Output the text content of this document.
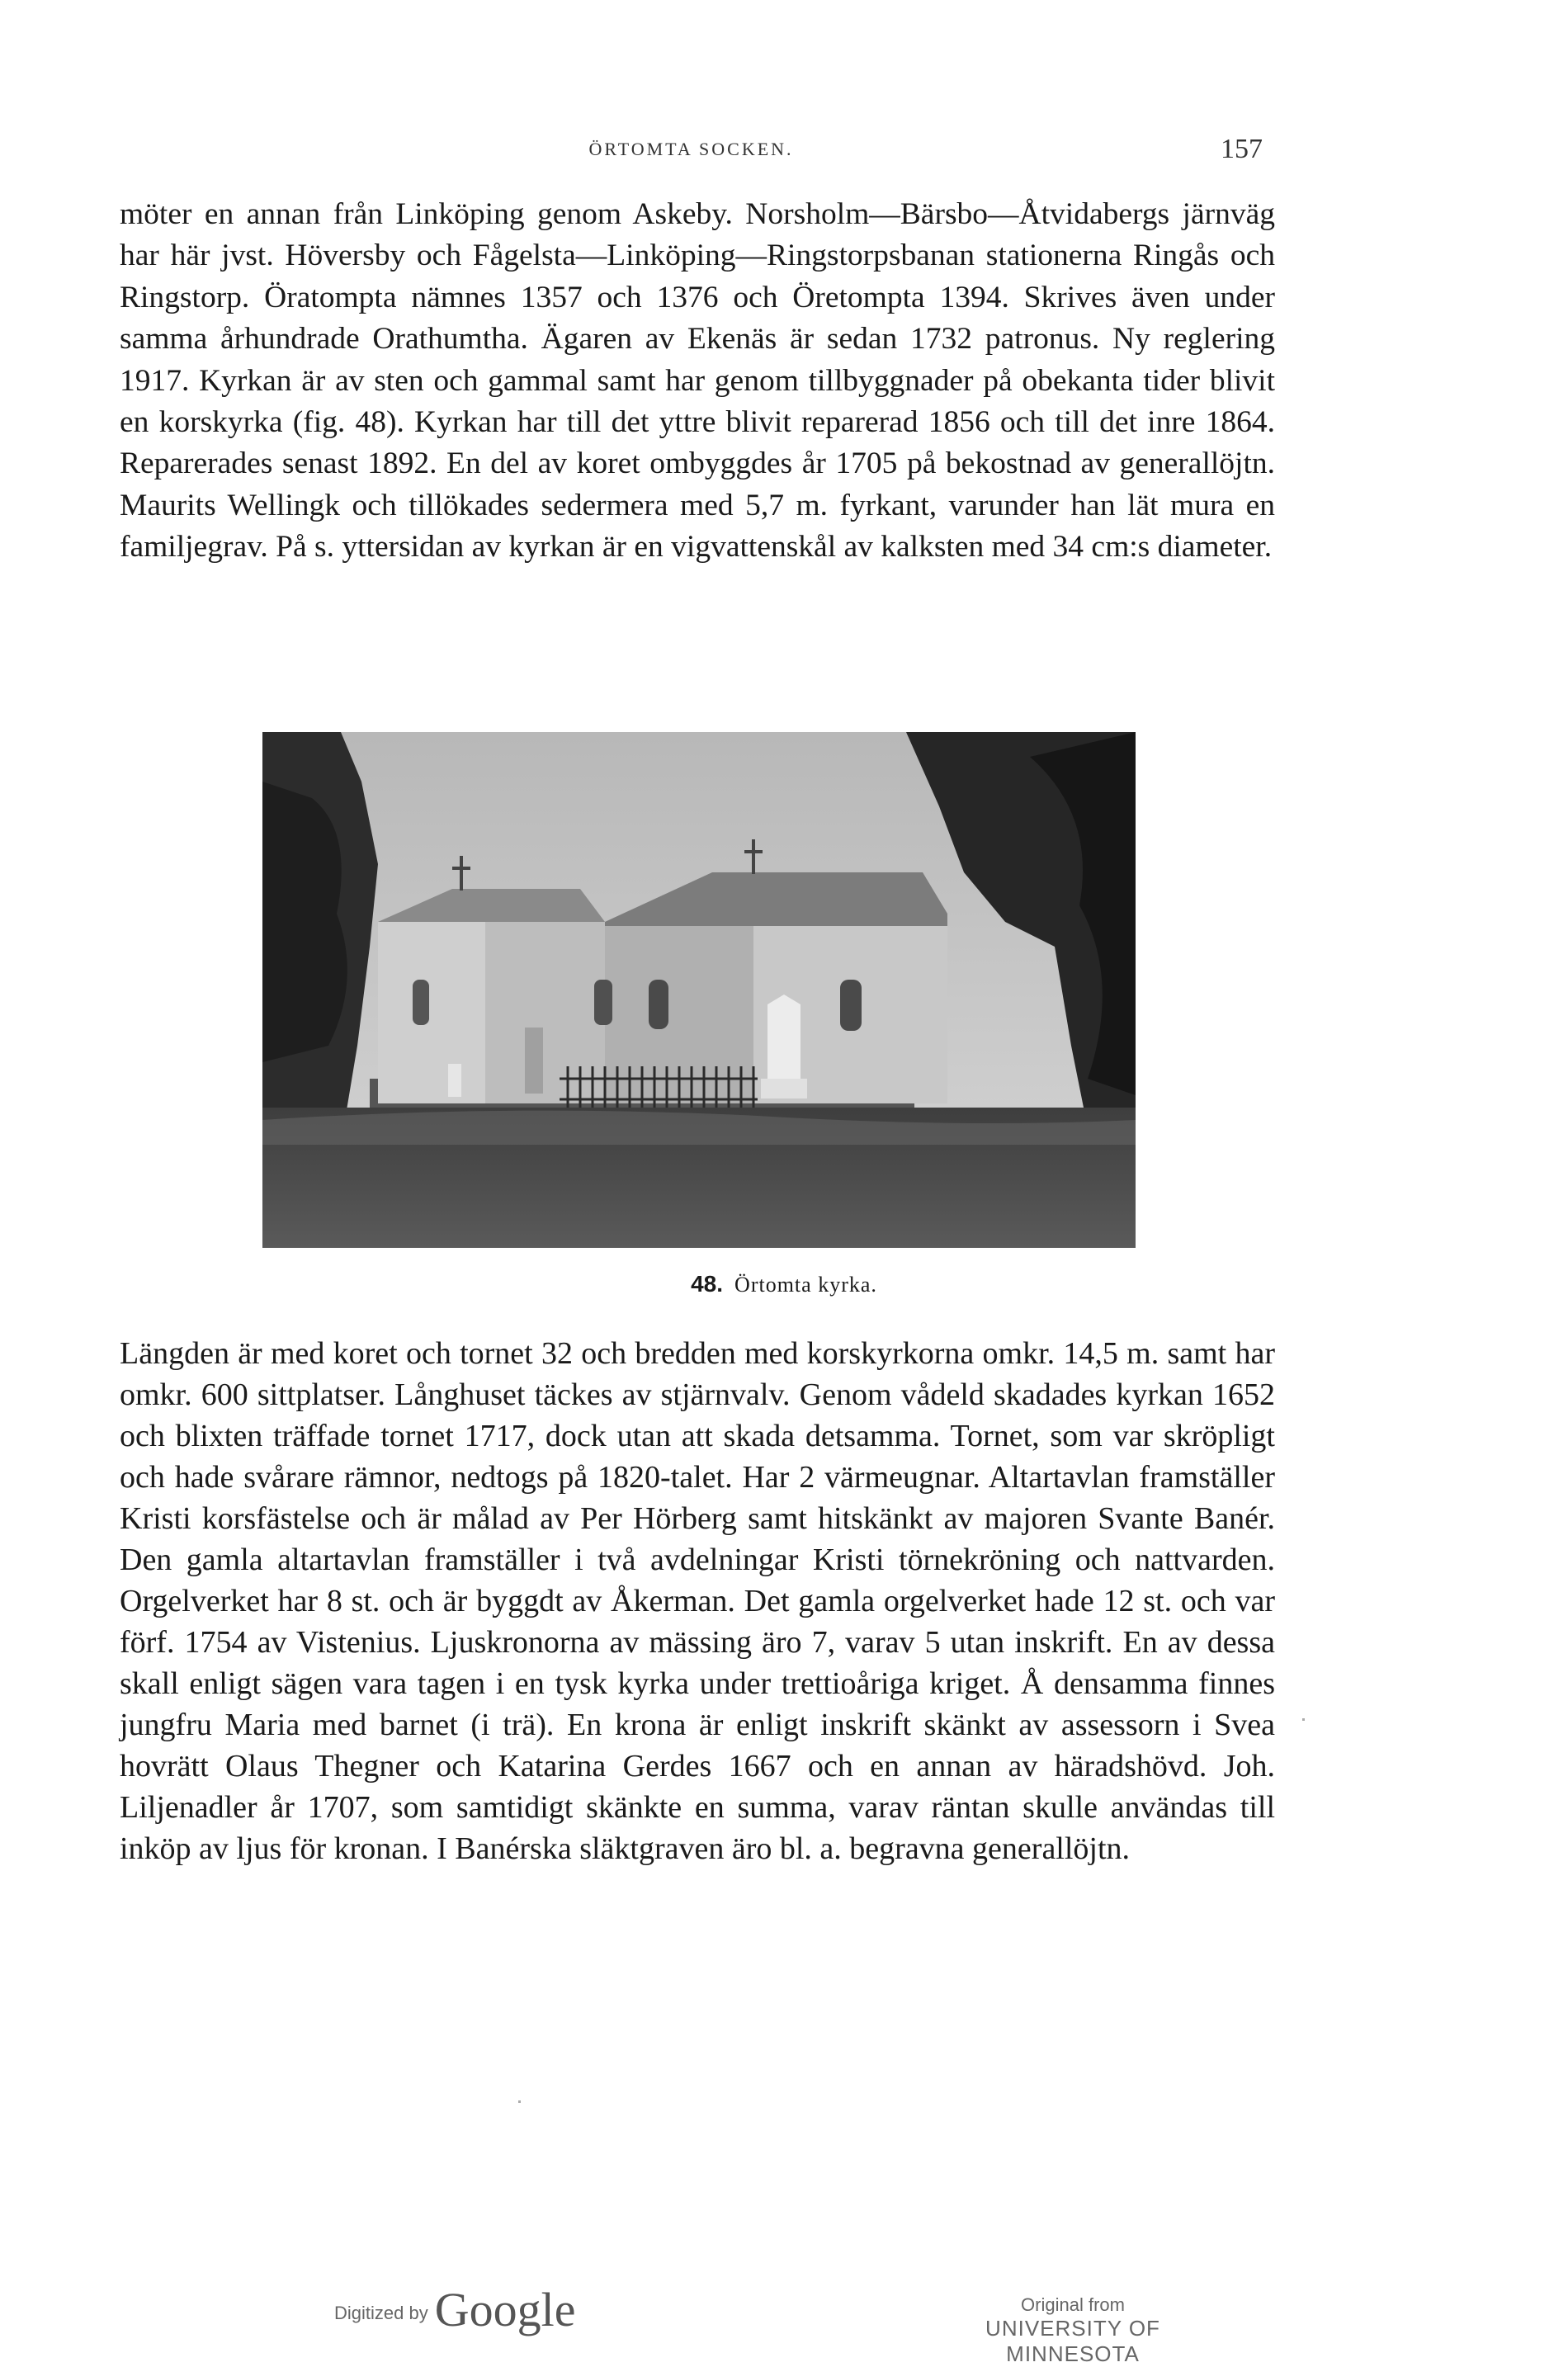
ÖRTOMTA SOCKEN.	157
möter en annan från Linköping genom Askeby. Norsholm—Bärsbo—Åtvidabergs järnväg har här jvst. Höversby och Fågelsta—Linköping—Ringstorpsbanan stationerna Ringås och Ringstorp. Öratompta nämnes 1357 och 1376 och Öretompta 1394. Skrives även under samma århundrade Orathumtha. Ägaren av Ekenäs är sedan 1732 patronus. Ny reglering 1917. Kyrkan är av sten och gammal samt har genom tillbyggnader på obekanta tider blivit en korskyrka (fig. 48). Kyrkan har till det yttre blivit reparerad 1856 och till det inre 1864. Reparerades senast 1892. En del av koret ombyggdes år 1705 på bekostnad av generallöjtn. Maurits Wellingk och tillökades sedermera med 5,7 m. fyrkant, varunder han lät mura en familjegrav. På s. yttersidan av kyrkan är en vigvattenskål av kalksten med 34 cm:s diameter.
48. Örtomta kyrka.
Längden är med koret och tornet 32 och bredden med korskyrkorna omkr. 14,5 m. samt har omkr. 600 sittplatser. Långhuset täckes av stjärnvalv. Genom vådeld skadades kyrkan 1652 och blixten träffade tornet 1717, dock utan att skada detsamma. Tornet, som var skröpligt och hade svårare rämnor, nedtogs på 1820-talet. Har 2 värmeugnar. Altartavlan framställer Kristi korsfästelse och är målad av Per Hörberg samt hitskänkt av majoren Svante Banér. Den gamla altartavlan framställer i två avdelningar Kristi törnekröning och nattvarden. Orgelverket har 8 st. och är byggdt av Åkerman. Det gamla orgelverket hade 12 st. och var förf. 1754 av Vistenius. Ljuskronorna av mässing äro 7, varav 5 utan inskrift. En av dessa skall enligt sägen vara tagen i en tysk kyrka under trettioåriga kriget. Å densamma finnes jungfru Maria med barnet (i trä). En krona är enligt inskrift skänkt av assessorn i Svea hovrätt Olaus Thegner och Katarina Gerdes 1667 och en annan av häradshövd. Joh. Liljenadler år 1707, som samtidigt skänkte en summa, varav räntan skulle användas till inköp av ljus för kronan. I Banérska släktgraven äro bl. a. begravna generallöjtn.
Digitized by Google	Original from
UNIVERSITY OF MINNESOTA
